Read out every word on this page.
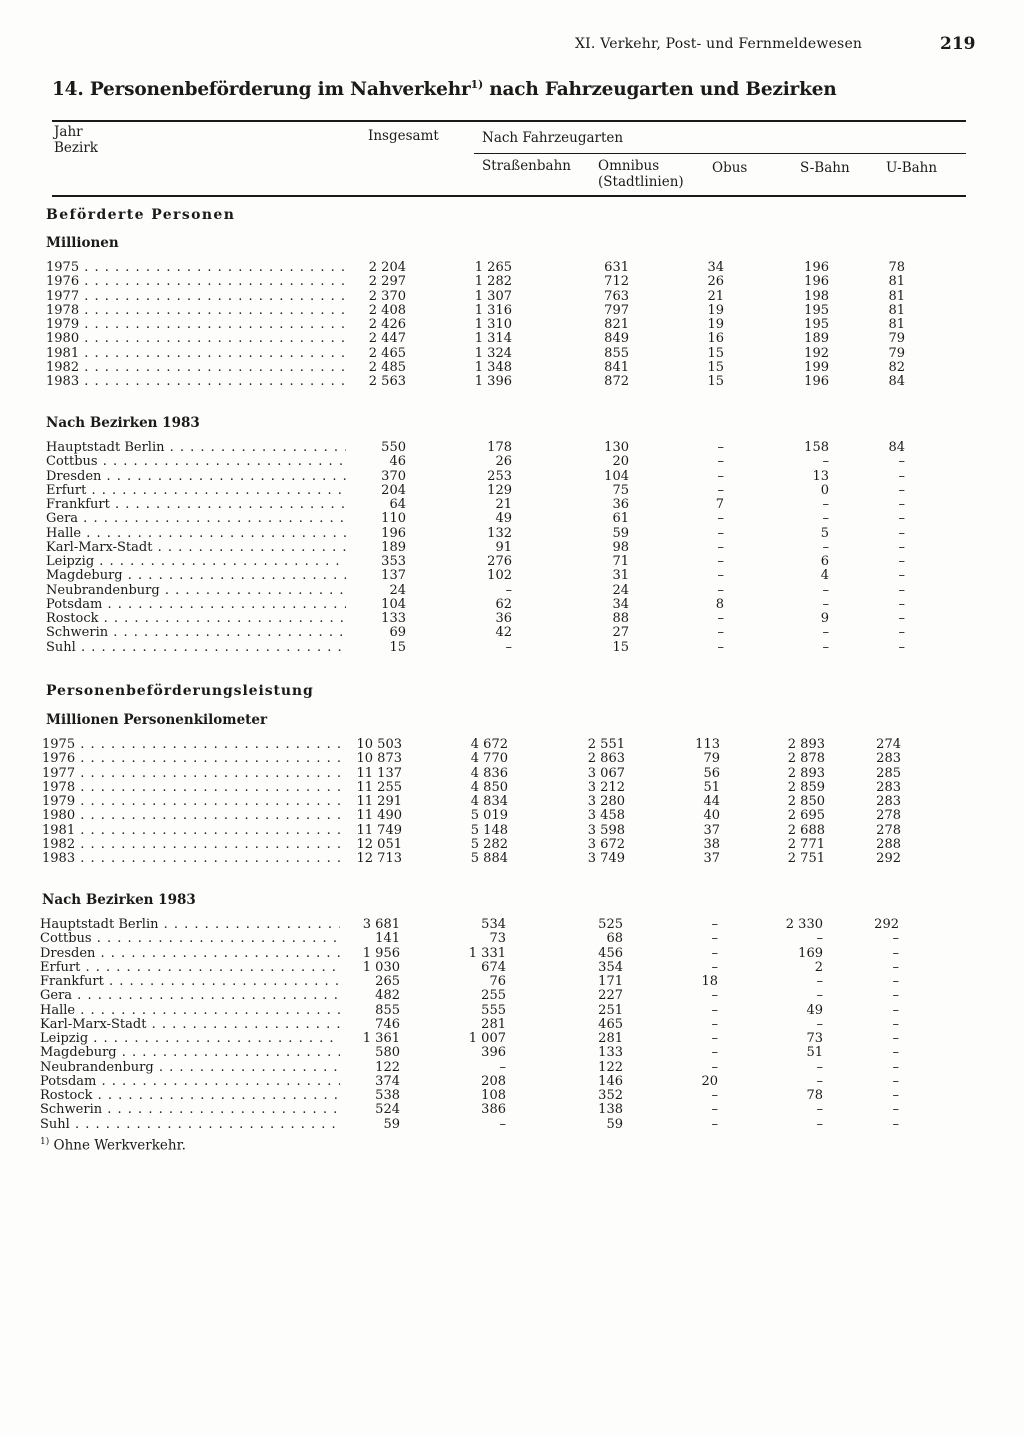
XI. Verkehr, Post- und Fernmeldewesen	219
14. Personenbeförderung im Nahverkehr$^{1)}$ nach Fahrzeugarten und Bezirken
Jahr
Bezirk
Insgesamt	Nach Fahrzeugarten
Straßenbahn Omnibus
(Stadtlinien)
Obus	S-Bahn	U-Bahn
Beförderte Personen
Millionen
1975 . . .	2 204	1 265	631	34	196	78
1976 . . .	2 297	1 282	712	26	196	81
1977 . . .	2 370	1 307	763	21	198	81
1978 . . .	2 408	1 316	797	19	195	81
1979 . . .	2 426	1 310	821	19	195	81
1980 . . .	2 447	1 314	849	16	189	79
1981 . . .	2 465	1 324	855	15	192	79
1982 . . .	2 485	1 348	841	15	199	82
1983 . . .	2 563	1 396	872	15	196	84
Nach Bezirken 1983
Hauptstadt Berlin . . .	550	178	130	–	158	84
Cottbus . . .	46	26	20	–	–	–
Dresden . . .	370	253	104	–	13	–
Erfurt . . .	204	129	75	–	0	–
Frankfurt . . .	64	21	36	7	–	–
Gera . . .	110	49	61	–	–	–
Halle . . .	196	132	59	–	5	–
Karl-Marx-Stadt . . .	189	91	98	–	–	–
Leipzig . . .	353	276	71	–	6	–
Magdeburg . . .	137	102	31	–	4	–
Neubrandenburg . . .	24	–	24	–	–	–
Potsdam . . .	104	62	34	8	–	–
Rostock . . .	133	36	88	–	9	–
Schwerin . . .	69	42	27	–	–	–
Suhl . . .	15	–	15	–	–	–
Personenbeförderungsleistung
Millionen Personenkilometer
1975 . . .	10 503	4 672	2 551	113	2 893	274
1976 . . .	10 873	4 770	2 863	79	2 878	283
1977 . . .	11 137	4 836	3 067	56	2 893	285
1978 . . .	11 255	4 850	3 212	51	2 859	283
1979 . . .	11 291	4 834	3 280	44	2 850	283
1980 . . .	11 490	5 019	3 458	40	2 695	278
1981 . . .	11 749	5 148	3 598	37	2 688	278
1982 . . .	12 051	5 282	3 672	38	2 771	288
1983 . . .	12 713	5 884	3 749	37	2 751	292
Nach Bezirken 1983
Hauptstadt Berlin . . .	3 681	534	525	–	2 330	292
Cottbus . . .	141	73	68	–	–	–
Dresden . . .	1 956	1 331	456	–	169	–
Erfurt . . .	1 030	674	354	–	2	–
Frankfurt . . .	265	76	171	18	–	–
Gera . . .	482	255	227	–	–	–
Halle . . .	855	555	251	–	49	–
Karl-Marx-Stadt . . .	746	281	465	–	–	–
Leipzig . . .	1 361	1 007	281	–	73	–
Magdeburg . . .	580	396	133	–	51	–
Neubrandenburg . . .	122	–	122	–	–	–
Potsdam . . .	374	208	146	20	–	–
Rostock . . .	538	108	352	–	78	–
Schwerin . . .	524	386	138	–	–	–
Suhl . . .	59	–	59	–	–	–
$^{1)}$ Ohne Werkverkehr.
